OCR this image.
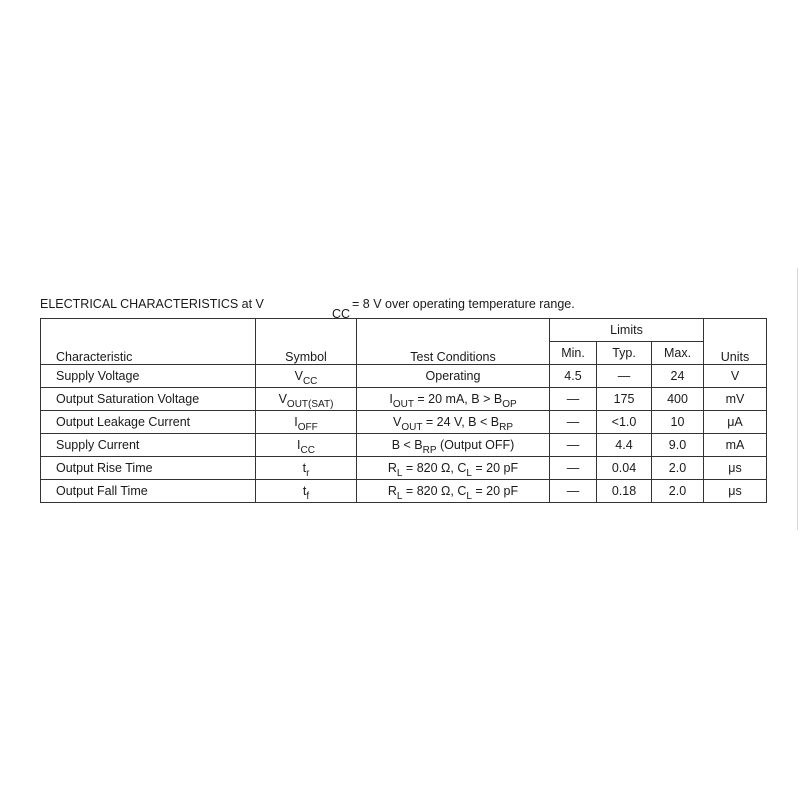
ELECTRICAL CHARACTERISTICS at V
CC
= 8 V over operating temperature range.
			Limits			
Characteristic	Symbol	Test Conditions	Min.	Typ.	Max.	Units
Supply Voltage	$V_{CC}$	Operating	4.5	—	24	V
Output Saturation Voltage	$V_{OUT(SAT)}$	$I_{OUT} = 20$ mA, $B > B_{OP}$	—	175	400	mV
Output Leakage Current	$I_{OFF}$	$V_{OUT} = 24$ V, $B < B_{RP}$	—	<1.0	10	μA
Supply Current	$I_{CC}$	$B < B_{RP}$ (Output OFF)	—	4.4	9.0	mA
Output Rise Time	$t_r$	$R_L = 820$ Ω, $C_L = 20$ pF	—	0.04	2.0	μs
Output Fall Time	$t_f$	$R_L = 820$ Ω, $C_L = 20$ pF	—	0.18	2.0	μs
